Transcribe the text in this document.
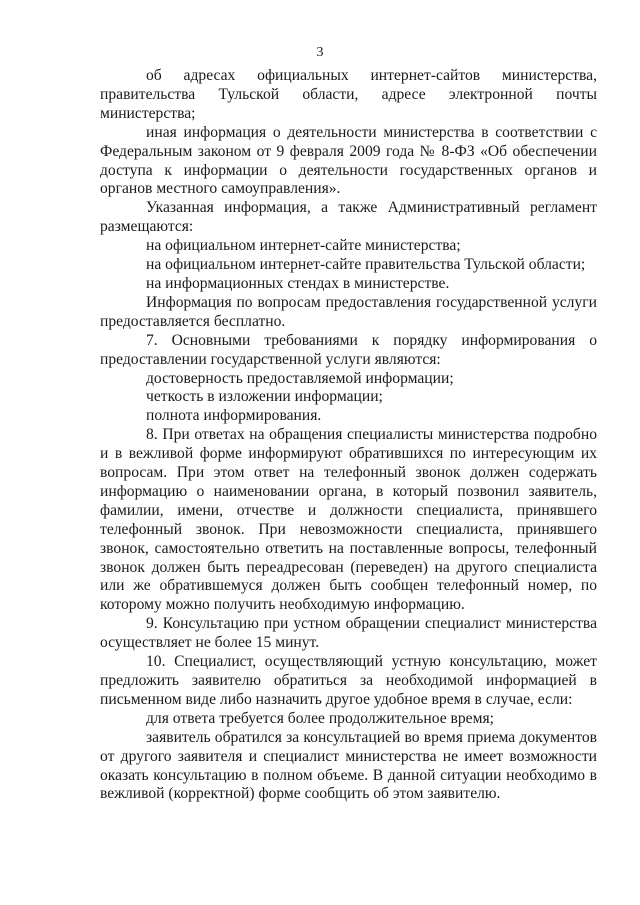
3

об адресах официальных интернет-сайтов министерства, правительства Тульской области, адресе электронной почты министерства;

иная информация о деятельности министерства в соответствии с Федеральным законом от 9 февраля 2009 года № 8-ФЗ «Об обеспечении доступа к информации о деятельности государственных органов и органов местного самоуправления».

Указанная информация, а также Административный регламент размещаются:

на официальном интернет-сайте министерства;

на официальном интернет-сайте правительства Тульской области;

на информационных стендах в министерстве.

Информация по вопросам предоставления государственной услуги предоставляется бесплатно.

7. Основными требованиями к порядку информирования о предоставлении государственной услуги являются:

достоверность предоставляемой информации;

четкость в изложении информации;

полнота информирования.

8. При ответах на обращения специалисты министерства подробно и в вежливой форме информируют обратившихся по интересующим их вопросам. При этом ответ на телефонный звонок должен содержать информацию о наименовании органа, в который позвонил заявитель, фамилии, имени, отчестве и должности специалиста, принявшего телефонный звонок. При невозможности специалиста, принявшего звонок, самостоятельно ответить на поставленные вопросы, телефонный звонок должен быть переадресован (переведен) на другого специалиста или же обратившемуся должен быть сообщен телефонный номер, по которому можно получить необходимую информацию.

9. Консультацию при устном обращении специалист министерства осуществляет не более 15 минут.

10. Специалист, осуществляющий устную консультацию, может предложить заявителю обратиться за необходимой информацией в письменном виде либо назначить другое удобное время в случае, если:

для ответа требуется более продолжительное время;

заявитель обратился за консультацией во время приема документов от другого заявителя и специалист министерства не имеет возможности оказать консультацию в полном объеме. В данной ситуации необходимо в вежливой (корректной) форме сообщить об этом заявителю.
